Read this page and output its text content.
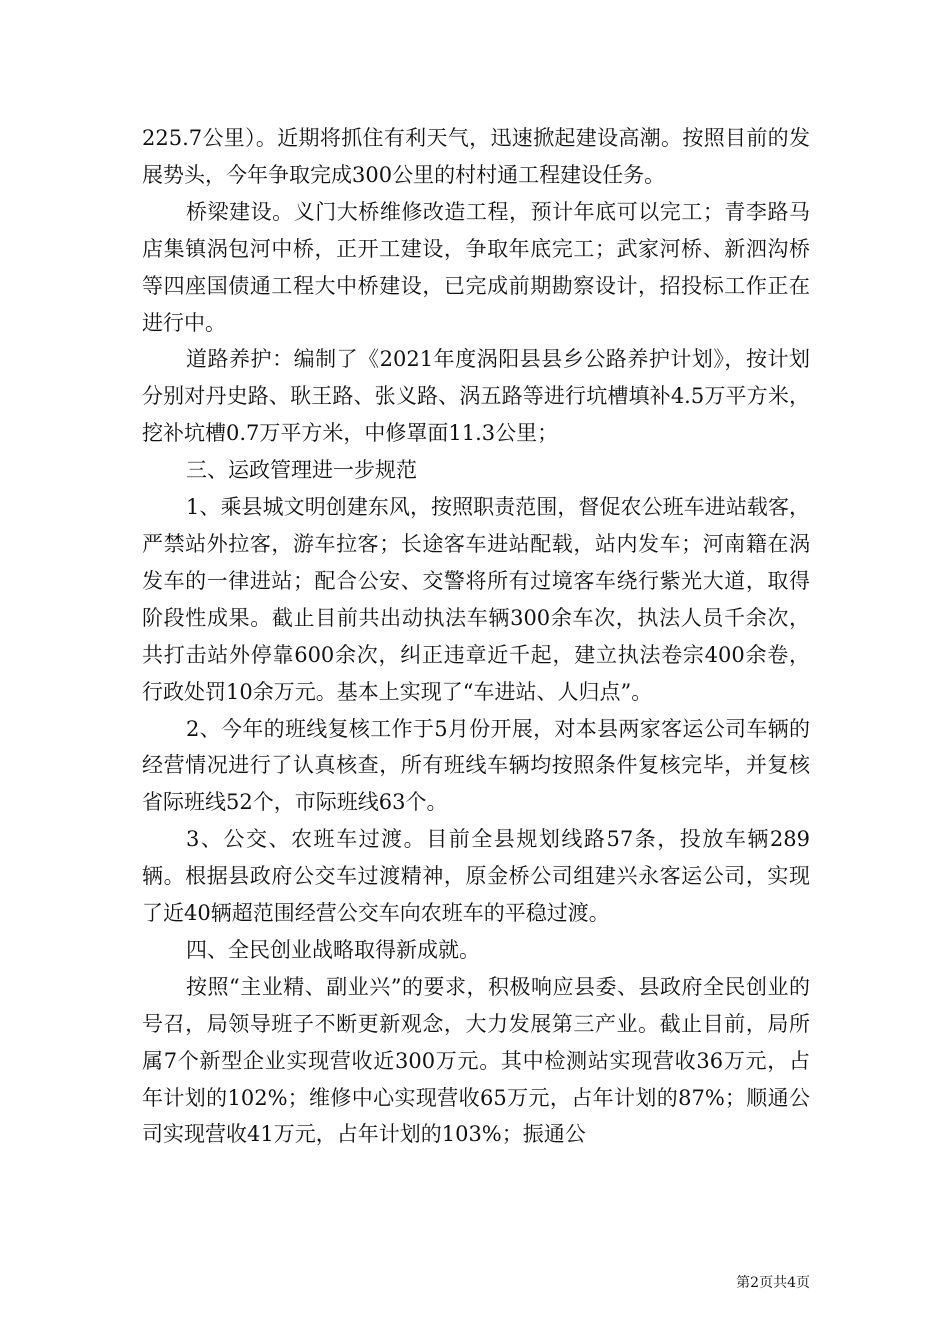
225.7公里）。近期将抓住有利天气，迅速掀起建设高潮。按照目前的发展势头，今年争取完成300公里的村村通工程建设任务。

桥梁建设。义门大桥维修改造工程，预计年底可以完工；青李路马店集镇涡包河中桥，正开工建设，争取年底完工；武家河桥、新泗沟桥等四座国债通工程大中桥建设，已完成前期勘察设计，招投标工作正在进行中。

道路养护：编制了《2021年度涡阳县县乡公路养护计划》，按计划分别对丹史路、耿王路、张义路、涡五路等进行坑槽填补4.5万平方米，挖补坑槽0.7万平方米，中修罩面11.3公里；

三、运政管理进一步规范

1、乘县城文明创建东风，按照职责范围，督促农公班车进站载客，严禁站外拉客，游车拉客；长途客车进站配载，站内发车；河南籍在涡发车的一律进站；配合公安、交警将所有过境客车绕行紫光大道，取得阶段性成果。截止目前共出动执法车辆300余车次，执法人员千余次，共打击站外停靠600余次，纠正违章近千起，建立执法卷宗400余卷，行政处罚10余万元。基本上实现了“车进站、人归点”。

2、今年的班线复核工作于5月份开展，对本县两家客运公司车辆的经营情况进行了认真核查，所有班线车辆均按照条件复核完毕，并复核省际班线52个，市际班线63个。

3、公交、农班车过渡。目前全县规划线路57条，投放车辆289辆。根据县政府公交车过渡精神，原金桥公司组建兴永客运公司，实现了近40辆超范围经营公交车向农班车的平稳过渡。

四、全民创业战略取得新成就。

按照“主业精、副业兴”的要求，积极响应县委、县政府全民创业的号召，局领导班子不断更新观念，大力发展第三产业。截止目前，局所属7个新型企业实现营收近300万元。其中检测站实现营收36万元，占年计划的102%；维修中心实现营收65万元，占年计划的87%；顺通公司实现营收41万元，占年计划的103%；振通公

第2页共4页
